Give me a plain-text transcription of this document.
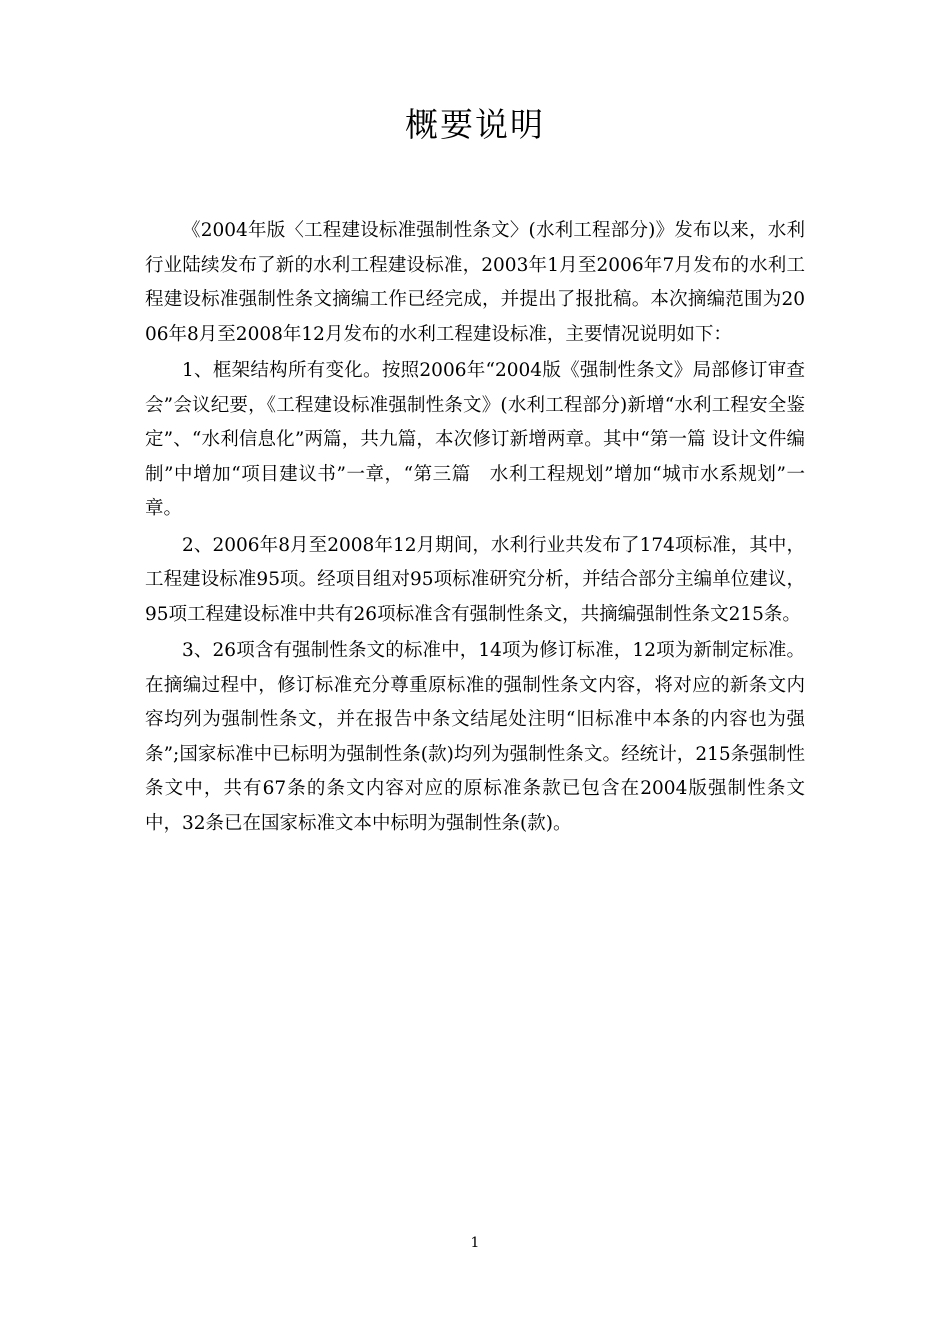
概要说明

《2004年版〈工程建设标准强制性条文〉(水利工程部分)》发布以来，水利行业陆续发布了新的水利工程建设标准，2003年1月至2006年7月发布的水利工程建设标准强制性条文摘编工作已经完成，并提出了报批稿。本次摘编范围为2006年8月至2008年12月发布的水利工程建设标准，主要情况说明如下：

1、框架结构所有变化。按照2006年“2004版《强制性条文》局部修订审查会”会议纪要，《工程建设标准强制性条文》(水利工程部分)新增“水利工程安全鉴定”、“水利信息化”两篇，共九篇，本次修订新增两章。其中“第一篇 设计文件编制”中增加“项目建议书”一章，“第三篇　水利工程规划”增加“城市水系规划”一章。

2、2006年8月至2008年12月期间，水利行业共发布了174项标准，其中，工程建设标准95项。经项目组对95项标准研究分析，并结合部分主编单位建议，95项工程建设标准中共有26项标准含有强制性条文，共摘编强制性条文215条。

3、26项含有强制性条文的标准中，14项为修订标准，12项为新制定标准。在摘编过程中，修订标准充分尊重原标准的强制性条文内容，将对应的新条文内容均列为强制性条文，并在报告中条文结尾处注明“旧标准中本条的内容也为强条”;国家标准中已标明为强制性条(款)均列为强制性条文。经统计，215条强制性条文中，共有67条的条文内容对应的原标准条款已包含在2004版强制性条文中，32条已在国家标准文本中标明为强制性条(款)。

1
